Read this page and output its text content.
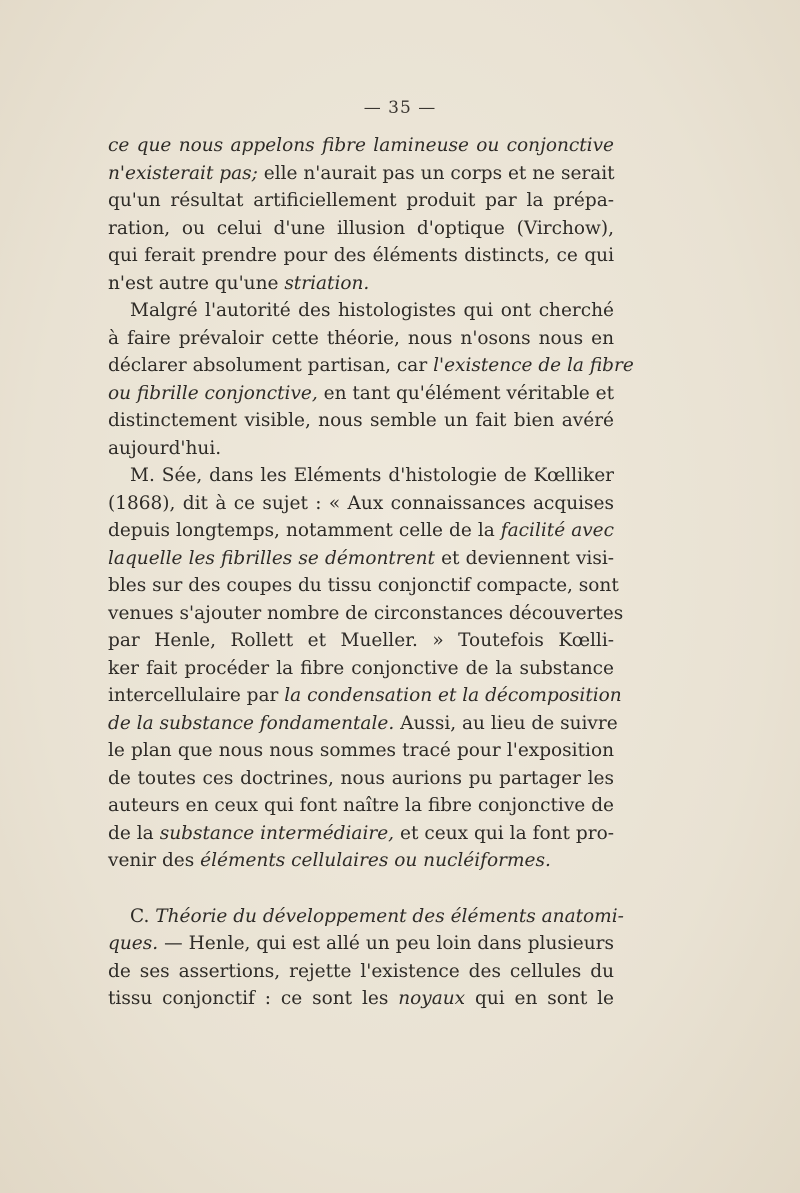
— 35 —
ce que nous appelons fibre lamineuse ou conjonctive
n'existerait pas; elle n'aurait pas un corps et ne serait
qu'un résultat artificiellement produit par la prépa-
ration, ou celui d'une illusion d'optique (Virchow),
qui ferait prendre pour des éléments distincts, ce qui
n'est autre qu'une striation.
Malgré l'autorité des histologistes qui ont cherché
à faire prévaloir cette théorie, nous n'osons nous en
déclarer absolument partisan, car l'existence de la fibre
ou fibrille conjonctive, en tant qu'élément véritable et
distinctement visible, nous semble un fait bien avéré
aujourd'hui.
M. Sée, dans les Eléments d'histologie de Kœlliker
(1868), dit à ce sujet : « Aux connaissances acquises
depuis longtemps, notamment celle de la facilité avec
laquelle les fibrilles se démontrent et deviennent visi-
bles sur des coupes du tissu conjonctif compacte, sont
venues s'ajouter nombre de circonstances découvertes
par Henle, Rollett et Mueller. » Toutefois Kœlli-
ker fait procéder la fibre conjonctive de la substance
intercellulaire par la condensation et la décomposition
de la substance fondamentale. Aussi, au lieu de suivre
le plan que nous nous sommes tracé pour l'exposition
de toutes ces doctrines, nous aurions pu partager les
auteurs en ceux qui font naître la fibre conjonctive de
de la substance intermédiaire, et ceux qui la font pro-
venir des éléments cellulaires ou nucléiformes.
C. Théorie du développement des éléments anatomi-
ques. — Henle, qui est allé un peu loin dans plusieurs
de ses assertions, rejette l'existence des cellules du
tissu conjonctif : ce sont les noyaux qui en sont le
